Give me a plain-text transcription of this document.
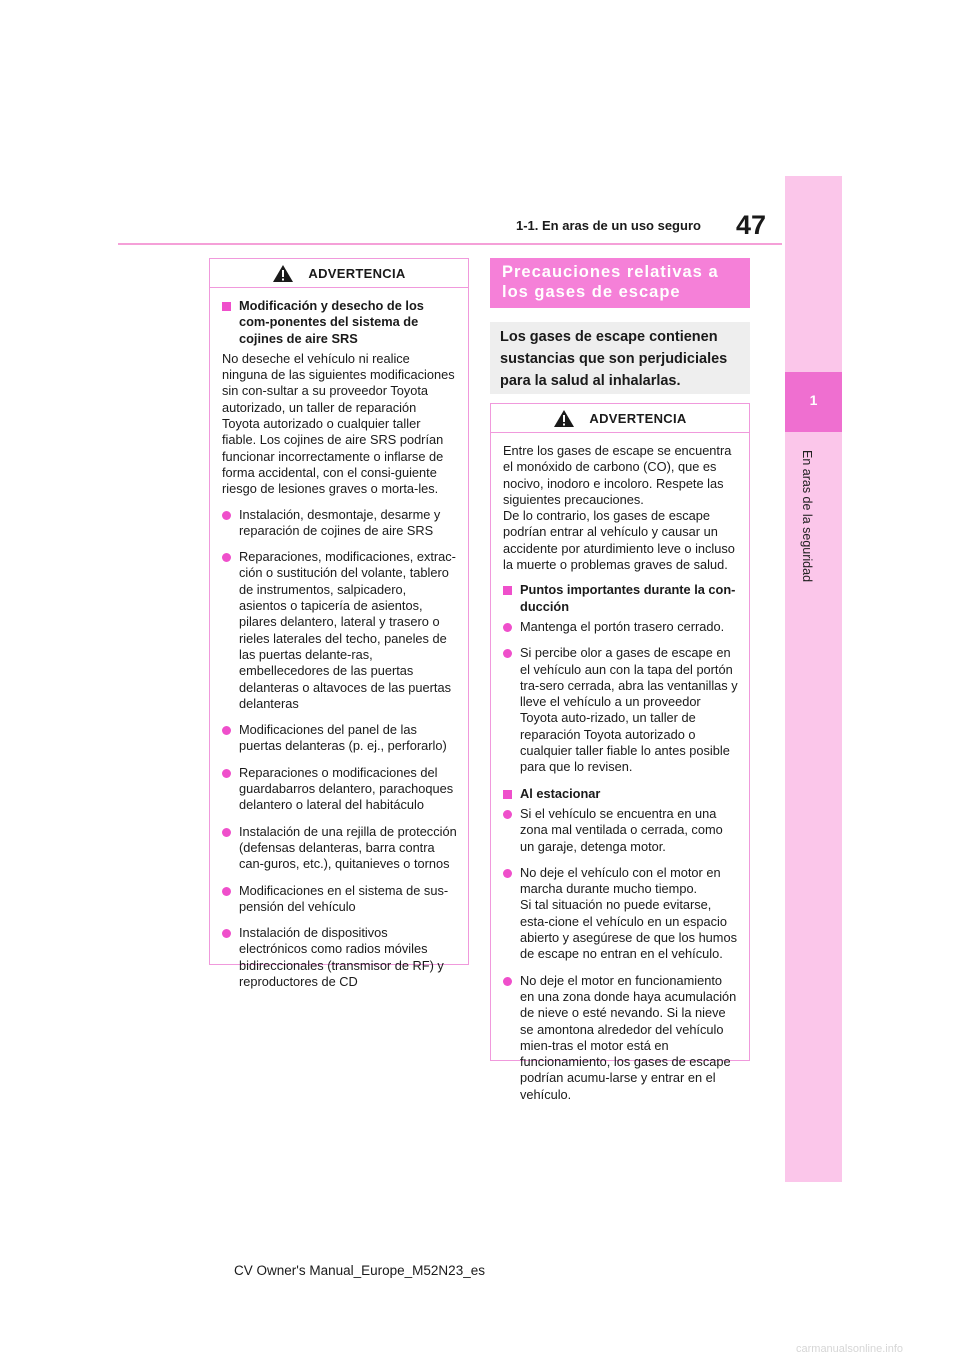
47
1-1. En aras de un uso seguro
1
En aras de la seguridad
ADVERTENCIA
Modificación y desecho de los com-ponentes del sistema de cojines de aire SRS

No deseche el vehículo ni realice ninguna de las siguientes modificaciones sin con-sultar a su proveedor Toyota autorizado, un taller de reparación Toyota autorizado o cualquier taller fiable. Los cojines de aire SRS podrían funcionar incorrectamente o inflarse de forma accidental, con el consi-guiente riesgo de lesiones graves o morta-les.

Instalación, desmontaje, desarme y reparación de cojines de aire SRS
Reparaciones, modificaciones, extrac-ción o sustitución del volante, tablero de instrumentos, salpicadero, asientos o tapicería de asientos, pilares delantero, lateral y trasero o rieles laterales del techo, paneles de las puertas delante-ras, embellecedores de las puertas delanteras o altavoces de las puertas delanteras
Modificaciones del panel de las puertas delanteras (p. ej., perforarlo)
Reparaciones o modificaciones del guardabarros delantero, parachoques delantero o lateral del habitáculo
Instalación de una rejilla de protección (defensas delanteras, barra contra can-guros, etc.), quitanieves o tornos
Modificaciones en el sistema de sus-pensión del vehículo
Instalación de dispositivos electrónicos como radios móviles bidireccionales (transmisor de RF) y reproductores de CD
Precauciones relativas a los gases de escape
Los gases de escape contienen sustancias que son perjudiciales para la salud al inhalarlas.
ADVERTENCIA

Entre los gases de escape se encuentra el monóxido de carbono (CO), que es nocivo, inodoro e incoloro. Respete las siguientes precauciones.
De lo contrario, los gases de escape podrían entrar al vehículo y causar un accidente por aturdimiento leve o incluso la muerte o problemas graves de salud.

Puntos importantes durante la con-ducción
Mantenga el portón trasero cerrado.
Si percibe olor a gases de escape en el vehículo aun con la tapa del portón tra-sero cerrada, abra las ventanillas y lleve el vehículo a un proveedor Toyota auto-rizado, un taller de reparación Toyota autorizado o cualquier taller fiable lo antes posible para que lo revisen.
Al estacionar
Si el vehículo se encuentra en una zona mal ventilada o cerrada, como un garaje, detenga motor.
No deje el vehículo con el motor en marcha durante mucho tiempo.
Si tal situación no puede evitarse, esta-cione el vehículo en un espacio abierto y asegúrese de que los humos de escape no entran en el vehículo.
No deje el motor en funcionamiento en una zona donde haya acumulación de nieve o esté nevando. Si la nieve se amontona alrededor del vehículo mien-tras el motor está en funcionamiento, los gases de escape podrían acumu-larse y entrar en el vehículo.
CV Owner's Manual_Europe_M52N23_es
carmanualsonline.info
